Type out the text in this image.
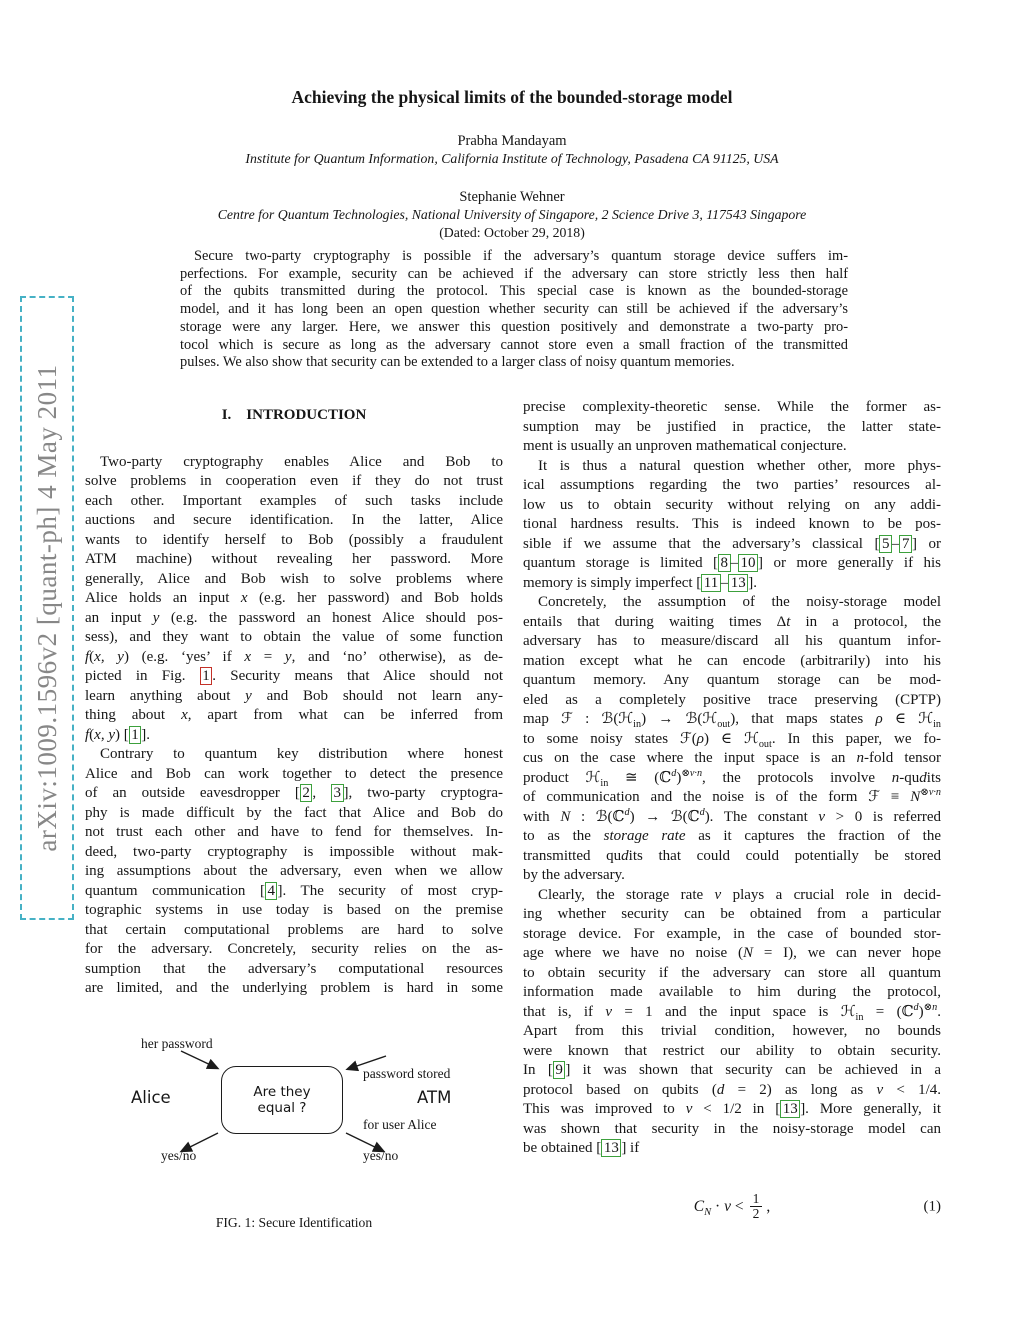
arXiv:1009.1596v2 [quant-ph] 4 May 2011
Achieving the physical limits of the bounded-storage model
Prabha Mandayam
Institute for Quantum Information, California Institute of Technology, Pasadena CA 91125, USA
Stephanie Wehner
Centre for Quantum Technologies, National University of Singapore, 2 Science Drive 3, 117543 Singapore
(Dated: October 29, 2018)
Secure two-party cryptography is possible if the adversary’s quantum storage device suffers im-
perfections. For example, security can be achieved if the adversary can store strictly less then half
of the qubits transmitted during the protocol. This special case is known as the bounded-storage
model, and it has long been an open question whether security can still be achieved if the adversary’s
storage were any larger. Here, we answer this question positively and demonstrate a two-party pro-
tocol which is secure as long as the adversary cannot store even a small fraction of the transmitted
pulses. We also show that security can be extended to a larger class of noisy quantum memories.
I.    INTRODUCTION
Two-party cryptography enables Alice and Bob to
solve problems in cooperation even if they do not trust
each other. Important examples of such tasks include
auctions and secure identification. In the latter, Alice
wants to identify herself to Bob (possibly a fraudulent
ATM machine) without revealing her password. More
generally, Alice and Bob wish to solve problems where
Alice holds an input x (e.g. her password) and Bob holds
an input y (e.g. the password an honest Alice should pos-
sess), and they want to obtain the value of some function
f(x, y) (e.g. ‘yes’ if x = y, and ‘no’ otherwise), as de-
picted in Fig. 1 . Security means that Alice should not
learn anything about y and Bob should not learn any-
thing about x, apart from what can be inferred from
f(x, y) [ 1 ].
Contrary to quantum key distribution where honest
Alice and Bob can work together to detect the presence
of an outside eavesdropper [ 2 , 3 ], two-party cryptogra-
phy is made difficult by the fact that Alice and Bob do
not trust each other and have to fend for themselves. In-
deed, two-party cryptography is impossible without mak-
ing assumptions about the adversary, even when we allow
quantum communication [ 4 ]. The security of most cryp-
tographic systems in use today is based on the premise
that certain computational problems are hard to solve
for the adversary. Concretely, security relies on the as-
sumption that the adversary’s computational resources
are limited, and the underlying problem is hard in some
her password

password stored

for user Alice

Alice	ATM
Are they
equal ?
yes/no	yes/no
FIG. 1: Secure Identification
precise complexity-theoretic sense. While the former as-
sumption may be justified in practice, the latter state-
ment is usually an unproven mathematical conjecture.
It is thus a natural question whether other, more phys-
ical assumptions regarding the two parties’ resources al-
low us to obtain security without relying on any addi-
tional hardness results. This is indeed known to be pos-
sible if we assume that the adversary’s classical [ 5 – 7 ] or
quantum storage is limited [ 8 – 10 ] or more generally if his
memory is simply imperfect [ 11 – 13 ].
Concretely, the assumption of the noisy-storage model
entails that during waiting times Δt in a protocol, the
adversary has to measure/discard all his quantum infor-
mation except what he can encode (arbitrarily) into his
quantum memory. Any quantum storage can be mod-
eled as a completely positive trace preserving (CPTP)
map ℱ : ℬ(ℋ$_{in}$) → ℬ(ℋ$_{out}$), that maps states ρ ∈ ℋ$_{in}$
to some noisy states ℱ(ρ) ∈ ℋ$_{out}$. In this paper, we fo-
cus on the case where the input space is an n-fold tensor
product ℋ$_{in}$ ≅ (ℂ$^d$)$^{\otimes\nu\cdot n}$, the protocols involve n-qudits
of communication and the noise is of the form ℱ ≡ $N^{\otimes\nu\cdot n}$
with N : ℬ(ℂ$^d$) → ℬ(ℂ$^d$). The constant ν > 0 is referred
to as the storage rate as it captures the fraction of the
transmitted qudits that could could potentially be stored
by the adversary.
Clearly, the storage rate ν plays a crucial role in decid-
ing whether security can be obtained from a particular
storage device. For example, in the case of bounded stor-
age where we have no noise (N = I), we can never hope
to obtain security if the adversary can store all quantum
information made available to him during the protocol,
that is, if ν = 1 and the input space is ℋ$_{in}$ = (ℂ$^d$)$^{\otimes n}$.
Apart from this trivial condition, however, no bounds
were known that restrict our ability to obtain security.
In [ 9 ] it was shown that security can be achieved in a
protocol based on qubits (d = 2) as long as ν < 1/4.
This was improved to ν < 1/2 in [ 13 ]. More generally, it
was shown that security in the noisy-storage model can
be obtained [ 13 ] if
$C_N \cdot \nu < \frac{1}{2}$ ,	(1)
